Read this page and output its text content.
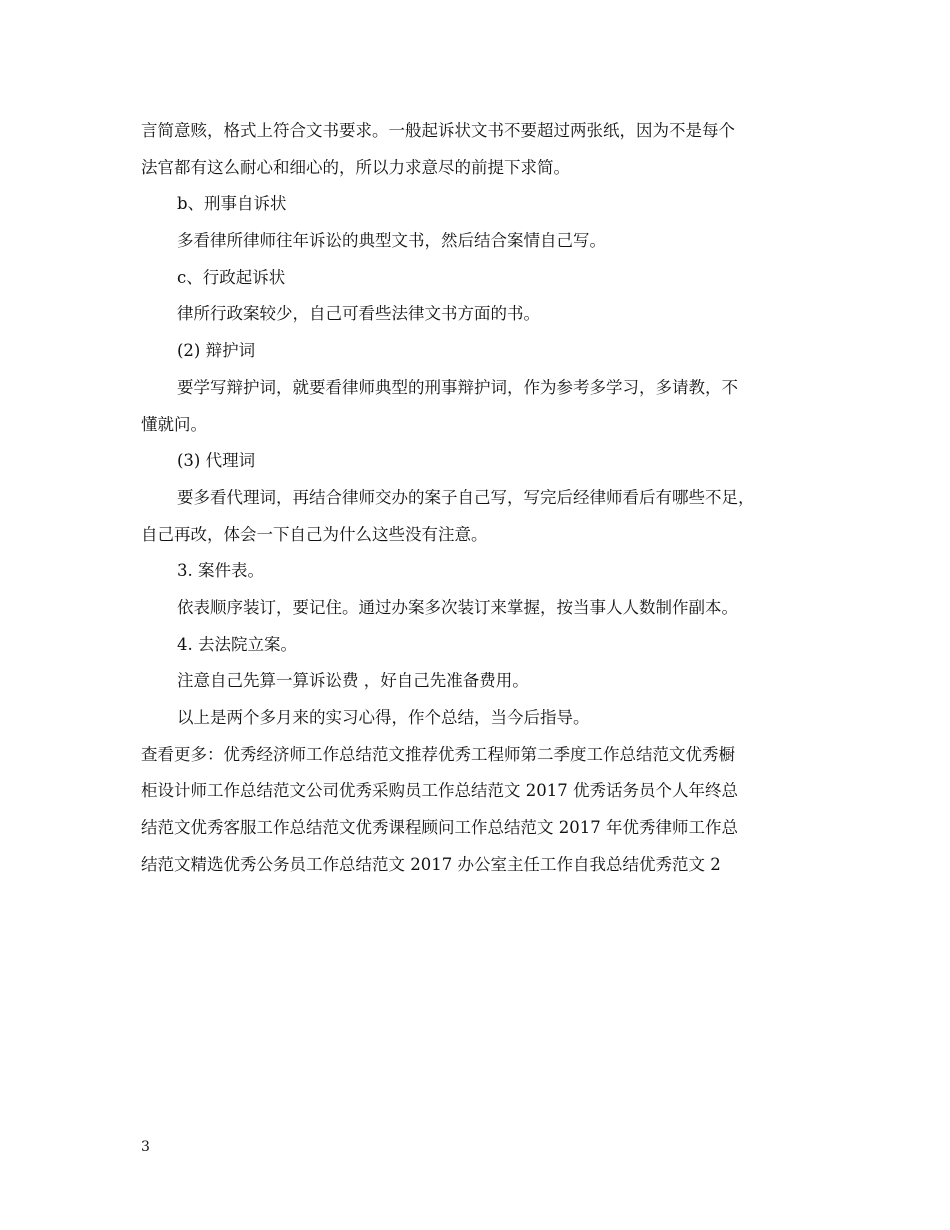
言简意赅，格式上符合文书要求。一般起诉状文书不要超过两张纸，因为不是每个
法官都有这么耐心和细心的，所以力求意尽的前提下求简。
b、刑事自诉状
多看律所律师往年诉讼的典型文书，然后结合案情自己写。
c、行政起诉状
律所行政案较少，自己可看些法律文书方面的书。
(2) 辩护词
要学写辩护词，就要看律师典型的刑事辩护词，作为参考多学习，多请教，不
懂就问。
(3) 代理词
要多看代理词，再结合律师交办的案子自己写，写完后经律师看后有哪些不足，
自己再改，体会一下自己为什么这些没有注意。
3. 案件表。
依表顺序装订，要记住。通过办案多次装订来掌握，按当事人人数制作副本。
4. 去法院立案。
注意自己先算一算诉讼费 ，好自己先准备费用。
以上是两个多月来的实习心得，作个总结，当今后指导。
查看更多：优秀经济师工作总结范文推荐优秀工程师第二季度工作总结范文优秀橱
柜设计师工作总结范文公司优秀采购员工作总结范文 2017 优秀话务员个人年终总
结范文优秀客服工作总结范文优秀课程顾问工作总结范文 2017 年优秀律师工作总
结范文精选优秀公务员工作总结范文 2017 办公室主任工作自我总结优秀范文 2
3
